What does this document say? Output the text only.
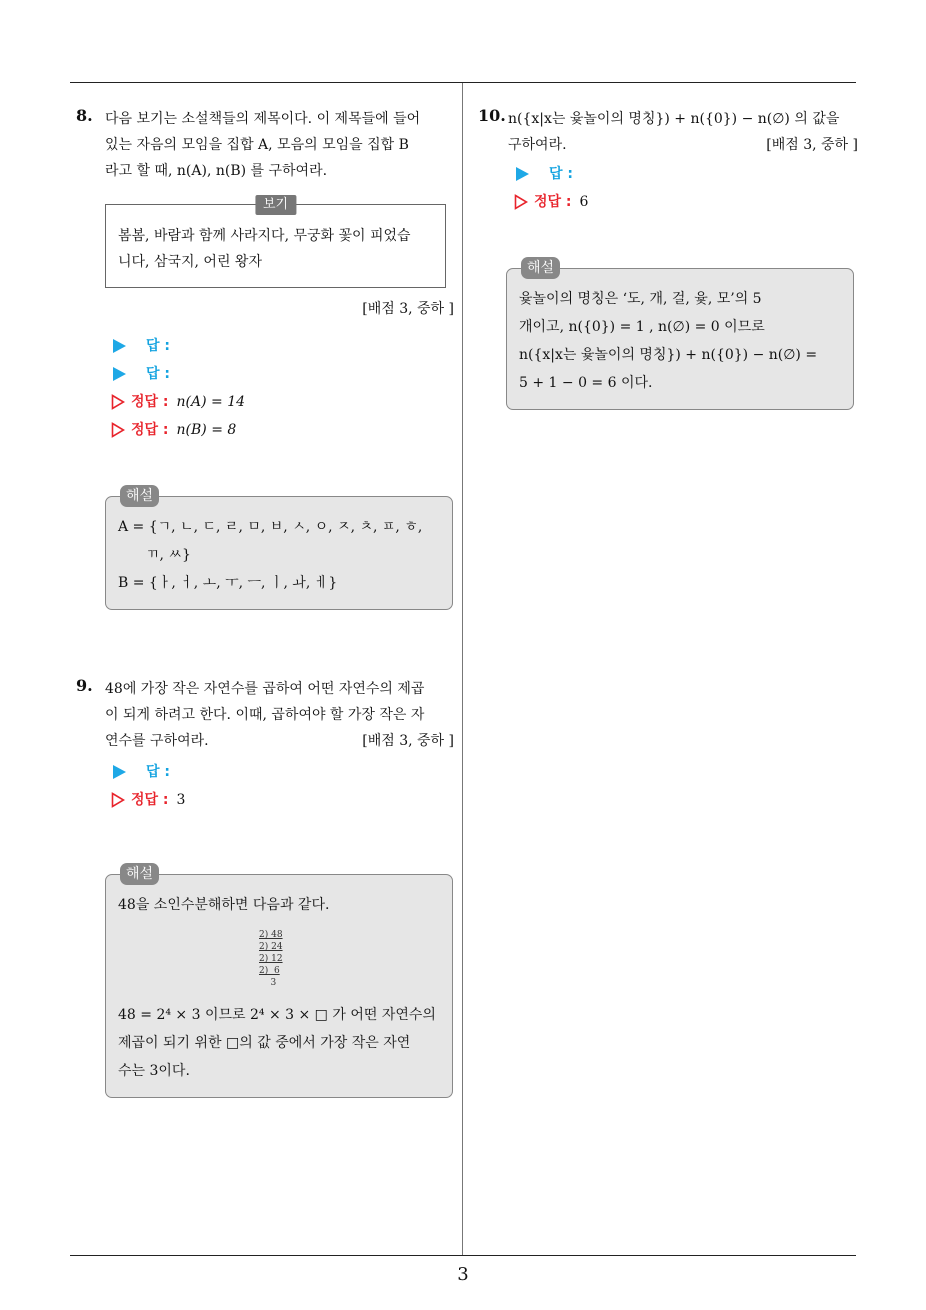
3
8. 다음 보기는 소설책들의 제목이다. 이 제목들에 들어
있는 자음의 모임을 집합 A, 모음의 모임을 집합 B
라고 할 때, n(A), n(B) 를 구하여라.
보기
봄봄, 바람과 함께 사라지다, 무궁화 꽃이 피었습
니다, 삼국지, 어린 왕자
[배점 3, 중하 ]
답 :
답 :
정답 : n(A) = 14
정답 : n(B) = 8
해설
A = {ㄱ, ㄴ, ㄷ, ㄹ, ㅁ, ㅂ, ㅅ, ㅇ, ㅈ, ㅊ, ㅍ, ㅎ,
ㄲ, ㅆ}
B = {ㅏ, ㅓ, ㅗ, ㅜ, ㅡ, ㅣ, ㅘ, ㅔ}
9. 48에 가장 작은 자연수를 곱하여 어떤 자연수의 제곱
이 되게 하려고 한다. 이때, 곱하여야 할 가장 작은 자
연수를 구하여라.	[배점 3, 중하 ]
답 :
정답 : 3
해설
48을 소인수분해하면 다음과 같다.
2) 48
2) 24
2) 12
2)  6
3
48 = 2⁴ × 3 이므로 2⁴ × 3 × □ 가 어떤 자연수의
제곱이 되기 위한 □의 값 중에서 가장 작은 자연
수는 3이다.
10. n({x|x는 윷놀이의 명칭}) + n({0}) − n(∅) 의 값을
구하여라.	[배점 3, 중하 ]
답 :
정답 : 6
해설
윷놀이의 명칭은 ‘도, 개, 걸, 윷, 모’의 5
개이고, n({0}) = 1 , n(∅) = 0 이므로
n({x|x는 윷놀이의 명칭}) + n({0}) − n(∅) =
5 + 1 − 0 = 6 이다.
